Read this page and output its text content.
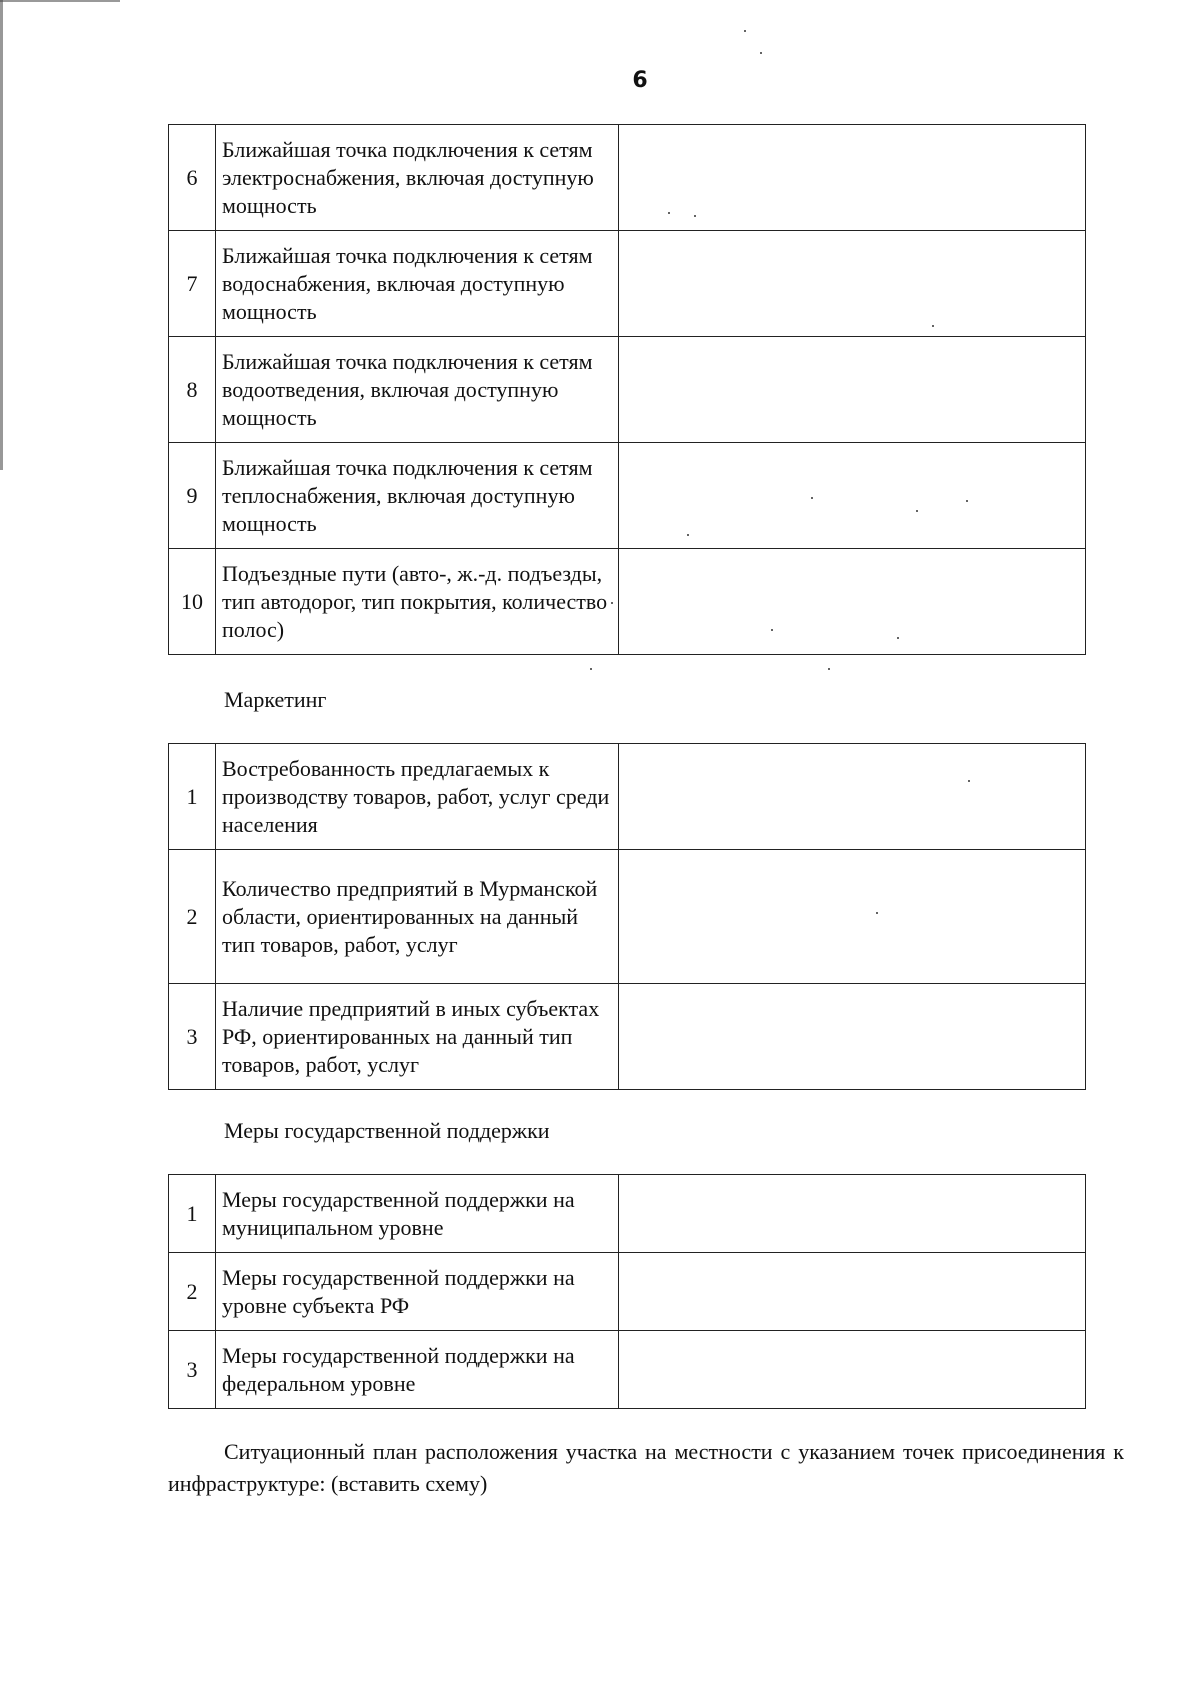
6
6	Ближайшая точка подключения к сетям электроснабжения, включая доступную мощность	
7	Ближайшая точка подключения к сетям водоснабжения, включая доступную мощность	
8	Ближайшая точка подключения к сетям водоотведения, включая доступную мощность	
9	Ближайшая точка подключения к сетям теплоснабжения, включая доступную мощность	
10	Подъездные пути (авто-, ж.-д. подъезды, тип автодорог, тип покрытия, количество полос)	
Маркетинг
1	Востребованность предлагаемых к производству товаров, работ, услуг среди населения	
2	Количество предприятий в Мурманской области, ориентированных на данный тип товаров, работ, услуг	
3	Наличие предприятий в иных субъектах РФ, ориентированных на данный тип товаров, работ, услуг	
Меры государственной поддержки
1	Меры государственной поддержки на муниципальном уровне	
2	Меры государственной поддержки на уровне субъекта РФ	
3	Меры государственной поддержки на федеральном уровне	

Ситуационный план расположения участка на местности с указанием точек присоединения к инфраструктуре: (вставить схему)
